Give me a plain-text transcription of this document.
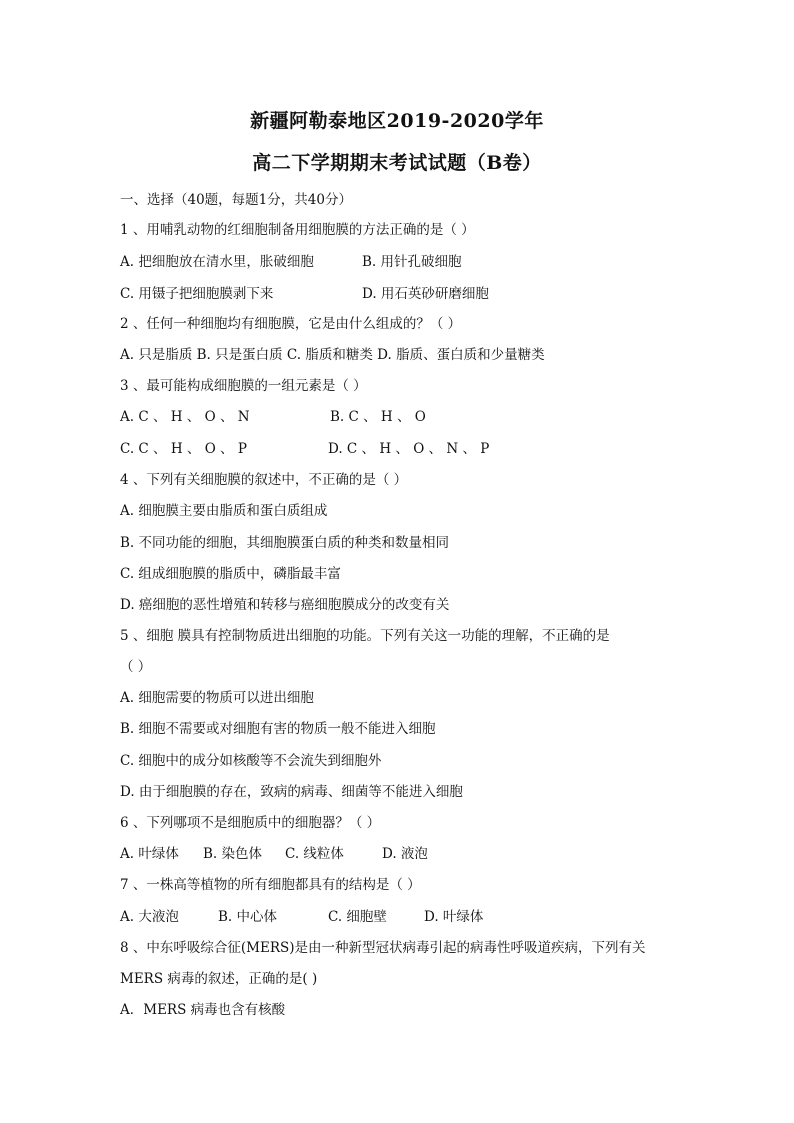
新疆阿勒泰地区2019-2020学年
高二下学期期末考试试题（B卷）
一、选择（40题，每题1分，共40分）
1 、用哺乳动物的红细胞制备用细胞膜的方法正确的是（ ）
A. 把细胞放在清水里，胀破细胞	B. 用针孔破细胞
C. 用镊子把细胞膜剥下来	D. 用石英砂研磨细胞
2 、任何一种细胞均有细胞膜，它是由什么组成的？（ ）
A. 只是脂质 B. 只是蛋白质 C. 脂质和糖类 D. 脂质、蛋白质和少量糖类
3 、最可能构成细胞膜的一组元素是（ ）
A. C 、 H 、 O 、 N	B. C 、 H 、 O
C. C 、 H 、 O 、 P	D. C 、 H 、 O 、 N 、 P
4 、下列有关细胞膜的叙述中，不正确的是（ ）
A. 细胞膜主要由脂质和蛋白质组成
B. 不同功能的细胞，其细胞膜蛋白质的种类和数量相同
C. 组成细胞膜的脂质中，磷脂最丰富
D. 癌细胞的恶性增殖和转移与癌细胞膜成分的改变有关
5 、细胞 膜具有控制物质进出细胞的功能。下列有关这一功能的理解，不正确的是
（ ）
A. 细胞需要的物质可以进出细胞
B. 细胞不需要或对细胞有害的物质一般不能进入细胞
C. 细胞中的成分如核酸等不会流失到细胞外
D. 由于细胞膜的存在，致病的病毒、细菌等不能进入细胞
6 、下列哪项不是细胞质中的细胞器？（ ）
A. 叶绿体 B. 染色体 C. 线粒体	D. 液泡
7 、一株高等植物的所有细胞都具有的结构是（ ）
A. 大液泡	B. 中心体	C. 细胞壁	D. 叶绿体
8 、中东呼吸综合征(MERS)是由一种新型冠状病毒引起的病毒性呼吸道疾病，下列有关
MERS 病毒的叙述，正确的是( )
A．MERS 病毒也含有核酸
